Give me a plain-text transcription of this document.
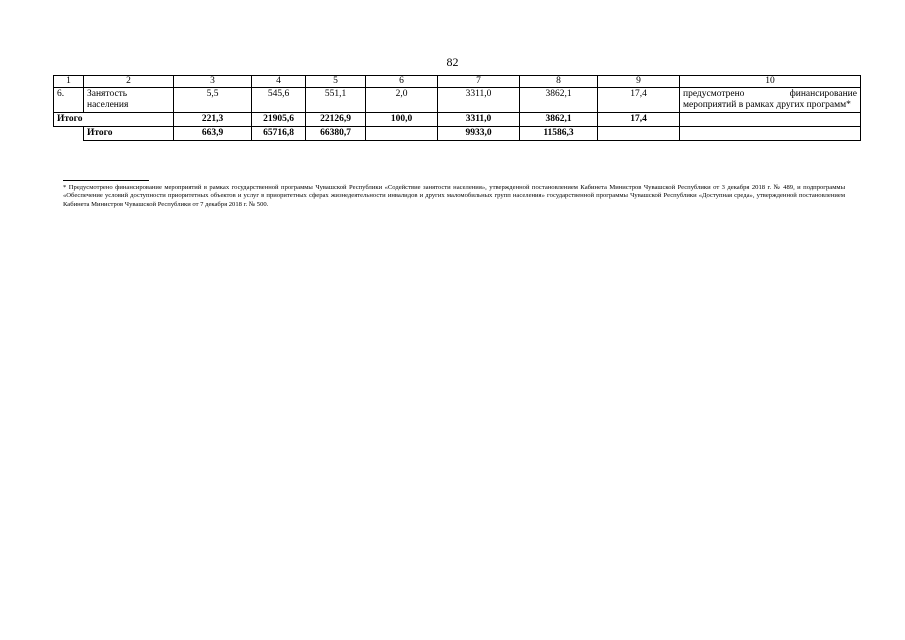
82
1	2	3	4	5	6	7	8	9	10
6.	Занятость населения	5,5	545,6	551,1	2,0	3311,0	3862,1	17,4	предусмотрено финансирование мероприятий в рамках других программ*
Итого		221,3	21905,6	22126,9	100,0	3311,0	3862,1	17,4	
	Итого	663,9	65716,8	66380,7		9933,0	11586,3		
* Предусмотрено финансирование мероприятий в рамках государственной программы Чувашской Республики «Содействие занятости населения», утвержденной постановлением Кабинета Министров Чувашской Республики от 3 декабря 2018 г. № 489, и подпрограммы «Обеспечение условий доступности приоритетных объектов и услуг в приоритетных сферах жизнедеятельности инвалидов и других маломобильных групп населения» государственной программы Чувашской Республики «Доступная среда», утвержденной постановлением Кабинета Министров Чувашской Республики от 7 декабря 2018 г. № 500.
